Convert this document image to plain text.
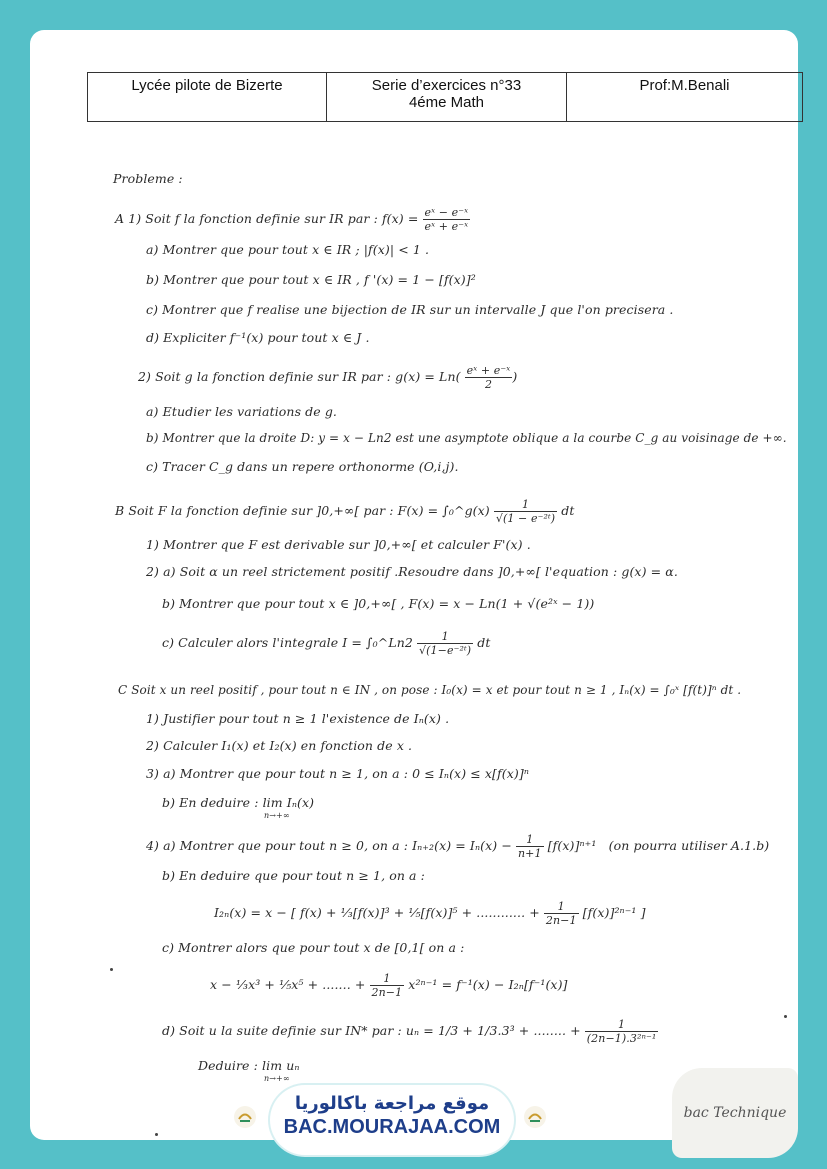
Lycée pilote de Bizerte	Serie d’exercices n°33
4éme Math
Prof:M.Benali
Probleme :
A 1) Soit f la fonction definie sur IR par : $f(x) = \frac{\text{eˣ − e⁻ˣ}}{\text{eˣ + e⁻ˣ}}$
a) Montrer que pour tout x ∈ IR ; |f(x)| < 1 .
b) Montrer que pour tout x ∈ IR , f '(x) = 1 − [f(x)]²
c) Montrer que f realise une bijection de IR sur un intervalle J que l'on precisera .
d) Expliciter f⁻¹(x) pour tout x ∈ J .
2) Soit g la fonction definie sur IR par : $g(x) = Ln( \frac{\text{eˣ + e⁻ˣ}}{2}$ )
a) Etudier les variations de g.
b) Montrer que la droite D: y = x − Ln2 est une asymptote oblique a la courbe C_g au voisinage de +∞.
c) Tracer C_g dans un repere orthonorme (O,i,j).
B Soit F la fonction definie sur ]0,+∞[ par : F(x) = ∫₀^g(x) $\frac{1}{\text{√(1 − e⁻²ᵗ)}}$ dt
1) Montrer que F est derivable sur ]0,+∞[ et calculer F'(x) .
2) a) Soit α un reel strictement positif .Resoudre dans ]0,+∞[ l'equation : g(x) = α.
b) Montrer que pour tout x ∈ ]0,+∞[ , F(x) = x − Ln(1 + √(e²ˣ − 1))
c) Calculer alors l'integrale I = ∫₀^Ln2 $\frac{1}{\text{√(1−e⁻²ᵗ)}}$ dt
C Soit x un reel positif , pour tout n ∈ IN , on pose : I₀(x) = x et pour tout n ≥ 1 , Iₙ(x) = ∫₀ˣ [f(t)]ⁿ dt .
1) Justifier pour tout n ≥ 1 l'existence de Iₙ(x) .
2) Calculer I₁(x) et I₂(x) en fonction de x .
3) a) Montrer que pour tout n ≥ 1, on a : 0 ≤ Iₙ(x) ≤ x[f(x)]ⁿ
b) En deduire : lim Iₙ(x)
n→+∞
4) a) Montrer que pour tout n ≥ 0, on a : $I_{n+2}(x) = I_n(x) - \frac{1}{n+1} [f(x)]^{n+1}$ (on pourra utiliser A.1.b)
b) En deduire que pour tout n ≥ 1, on a :
I₂ₙ(x) = x − [ f(x) + ⅓[f(x)]³ + ⅕[f(x)]⁵ + ............ + $\frac{1}{2n-1} [f(x)]^{2n-1}$ ]
c) Montrer alors que pour tout x de [0,1[ on a :
x − ⅓x³ + ⅕x⁵ + ....... + $\frac{1}{2n-1} x^{2n-1} = f^{-1}(x) - I_{2n}[f^{-1}(x)]$
d) Soit u la suite definie sur IN* par : uₙ = 1/3 + 1/3.3³ + ........ + $\frac{1}{\text{(2n−1).3²ⁿ⁻¹}}$
Deduire : lim uₙ
n→+∞
موقع مراجعة باكالوريا
BAC.MOURAJAA.COM
bac Technique
